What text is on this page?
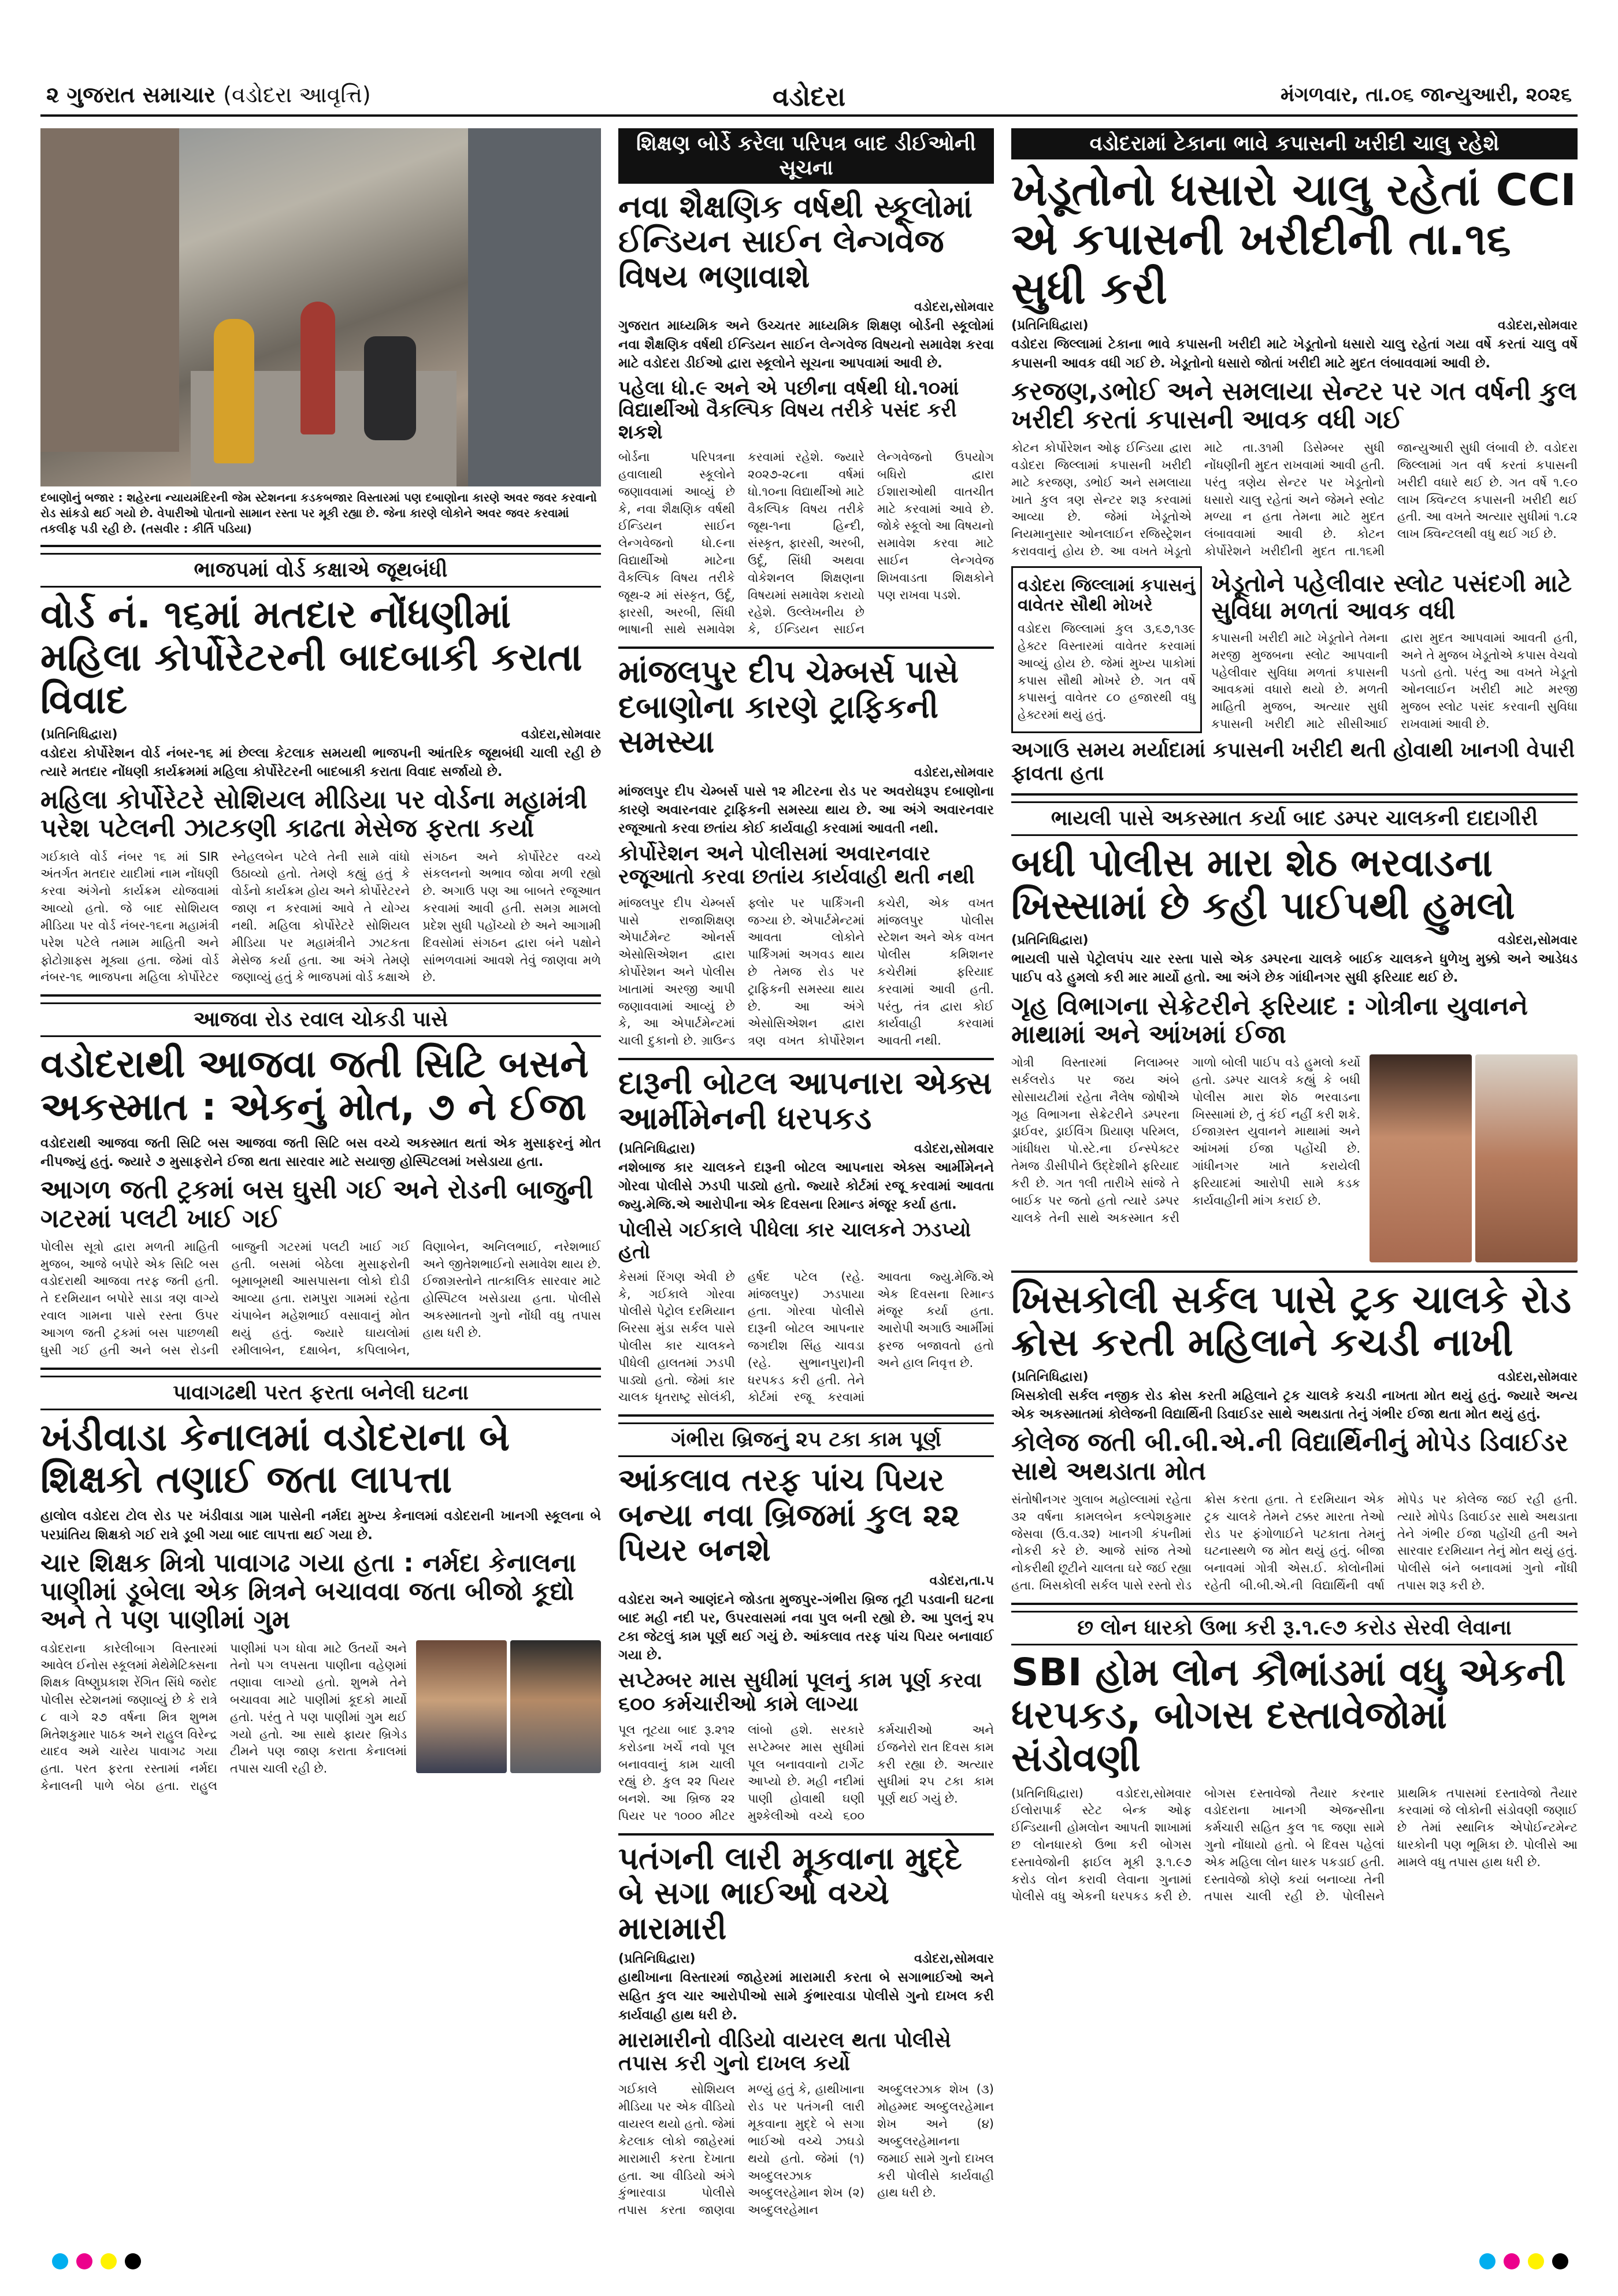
૨ ગુજરાત સમાચાર (વડોદરા આવૃત્તિ)	વડોદરા	મંગળવાર, તા.૦૬ જાન્યુઆરી, ૨૦૨૬
દબાણોનું બજાર : શહેરના ન્યાયમંદિરની જેમ સ્ટેશનના કડકબજાર વિસ્તારમાં પણ દબાણોના કારણે અવર જવર કરવાનો રોડ સાંકડો થઈ ગયો છે. વેપારીઓ પોતાનો સામાન રસ્તા પર મૂકી રહ્યા છે. જેના કારણે લોકોને અવર જવર કરવામાં તકલીફ પડી રહી છે. (તસવીર : કીર્તિ પડિયા)
ભાજપમાં વોર્ડ કક્ષાએ જૂથબંધી
વોર્ડ નં. ૧૬માં મતદાર નોંધણીમાં મહિલા કોર્પોરેટરની બાદબાકી કરાતા વિવાદ
(પ્રતિનિધિદ્વારા)	વડોદરા,સોમવાર
વડોદરા કોર્પોરેશન વોર્ડ નંબર-૧૬ માં છેલ્લા કેટલાક સમયથી ભાજપની આંતરિક જૂથબંધી ચાલી રહી છે ત્યારે મતદાર નોંધણી કાર્યક્રમમાં મહિલા કોર્પોરેટરની બાદબાકી કરાતા વિવાદ સર્જાયો છે.
મહિલા કોર્પોરેટરે સોશિયલ મીડિયા પર વોર્ડના મહામંત્રી પરેશ પટેલની ઝાટકણી કાઢતા મેસેજ ફરતા કર્યા
ગઈકાલે વોર્ડ નંબર ૧૬ માં SIR અંતર્ગત મતદાર યાદીમાં નામ નોંધણી કરવા અંગેનો કાર્યક્રમ યોજવામાં આવ્યો હતો. જે બાદ સોશિયલ મીડિયા પર વોર્ડ નંબર-૧૬ના મહામંત્રી પરેશ પટેલે તમામ માહિતી અને ફોટોગ્રાફ્સ મૂક્યા હતા. જેમાં વોર્ડ નંબર-૧૬ ભાજપના મહિલા કોર્પોરેટર સ્નેહલબેન પટેલે તેની સામે વાંધો ઉઠાવ્યો હતો. તેમણે કહ્યું હતું કે વોર્ડનો કાર્યક્રમ હોય અને કોર્પોરેટરને જાણ ન કરવામાં આવે તે યોગ્ય નથી. મહિલા કોર્પોરેટરે સોશિયલ મીડિયા પર મહામંત્રીને ઝાટકતા મેસેજ કર્યા હતા. આ અંગે તેમણે જણાવ્યું હતું કે ભાજપમાં વોર્ડ કક્ષાએ સંગઠન અને કોર્પોરેટર વચ્ચે સંકલનનો અભાવ જોવા મળી રહ્યો છે. અગાઉ પણ આ બાબતે રજૂઆત કરવામાં આવી હતી. સમગ્ર મામલો પ્રદેશ સુધી પહોંચ્યો છે અને આગામી દિવસોમાં સંગઠન દ્વારા બંને પક્ષોને સાંભળવામાં આવશે તેવું જાણવા મળે છે.
આજવા રોડ રવાલ ચોકડી પાસે
વડોદરાથી આજવા જતી સિટિ બસને અકસ્માત : એકનું મોત, ૭ ને ઈજા
વડોદરાથી આજવા જતી સિટિ બસ આજવા જતી સિટિ બસ વચ્ચે અકસ્માત થતાં એક મુસાફરનું મોત નીપજ્યું હતું. જ્યારે ૭ મુસાફરોને ઈજા થતા સારવાર માટે સયાજી હોસ્પિટલમાં ખસેડાયા હતા.
આગળ જતી ટ્રકમાં બસ ઘુસી ગઈ અને રોડની બાજુની ગટરમાં પલટી ખાઈ ગઈ
પોલીસ સૂત્રો દ્વારા મળતી માહિતી મુજબ, આજે બપોરે એક સિટિ બસ વડોદરાથી આજવા તરફ જતી હતી. તે દરમિયાન બપોરે સાડા ત્રણ વાગ્યે રવાલ ગામના પાસે રસ્તા ઉપર આગળ જતી ટ્રકમાં બસ પાછળથી ઘુસી ગઈ હતી અને બસ રોડની બાજુની ગટરમાં પલટી ખાઈ ગઈ હતી. બસમાં બેઠેલા મુસાફરોની બૂમાબૂમથી આસપાસના લોકો દોડી આવ્યા હતા. રામપુરા ગામમાં રહેતા ચંપાબેન મહેશભાઈ વસાવાનું મોત થયું હતું. જ્યારે ઘાયલોમાં રમીલાબેન, દક્ષાબેન, કપિલાબેન, વિણાબેન, અનિલભાઈ, નરેશભાઈ અને જીતેશભાઈનો સમાવેશ થાય છે. ઈજાગ્રસ્તોને તાત્કાલિક સારવાર માટે હોસ્પિટલ ખસેડાયા હતા. પોલીસે અકસ્માતનો ગુનો નોંધી વધુ તપાસ હાથ ધરી છે.
પાવાગઢથી પરત ફરતા બનેલી ઘટના
ખંડીવાડા કેનાલમાં વડોદરાના બે શિક્ષકો તણાઈ જતા લાપત્તા
હાલોલ વડોદરા ટોલ રોડ પર ખંડીવાડા ગામ પાસેની નર્મદા મુખ્ય કેનાલમાં વડોદરાની ખાનગી સ્કૂલના બે પરપ્રાંતિય શિક્ષકો ગઈ રાત્રે ડૂબી ગયા બાદ લાપત્તા થઈ ગયા છે.
ચાર શિક્ષક મિત્રો પાવાગઢ ગયા હતા : નર્મદા કેનાલના પાણીમાં ડૂબેલા એક મિત્રને બચાવવા જતા બીજો કૂદ્યો અને તે પણ પાણીમાં ગુમ
વડોદરાના કારેલીબાગ વિસ્તારમાં આવેલ ઈનોસ સ્કૂલમાં મેથેમેટિક્સના શિક્ષક વિષ્ણુપ્રકાશ રેંગિત સિંધે જરોદ પોલીસ સ્ટેશનમાં જણાવ્યું છે કે રાત્રે ૮ વાગે ૨૭ વર્ષના મિત્ર શુભમ મિતેશકુમાર પાઠક અને રાહુલ વિરેન્દ્ર યાદવ અમે ચારેય પાવાગઢ ગયા હતા. પરત ફરતા રસ્તામાં નર્મદા કેનાલની પાળે બેઠા હતા. રાહુલ પાણીમાં પગ ધોવા માટે ઉતર્યો અને તેનો પગ લપસતા પાણીના વહેણમાં તણાવા લાગ્યો હતો. શુભમે તેને બચાવવા માટે પાણીમાં કૂદકો માર્યો હતો. પરંતુ તે પણ પાણીમાં ગુમ થઈ ગયો હતો. આ સાથે ફાયર બ્રિગેડ ટીમને પણ જાણ કરાતા કેનાલમાં તપાસ ચાલી રહી છે.
શિક્ષણ બોર્ડે કરેલા પરિપત્ર બાદ ડીઈઓની સૂચના
નવા શૈક્ષણિક વર્ષથી સ્કૂલોમાં ઈન્ડિયન સાઈન લેન્ગવેજ વિષય ભણાવાશે
વડોદરા,સોમવાર
ગુજરાત માધ્યમિક અને ઉચ્ચતર માધ્યમિક શિક્ષણ બોર્ડની સ્કૂલોમાં નવા શૈક્ષણિક વર્ષથી ઈન્ડિયન સાઈન લેન્ગવેજ વિષયનો સમાવેશ કરવા માટે વડોદરા ડીઈઓ દ્વારા સ્કૂલોને સૂચના આપવામાં આવી છે.
પહેલા ધો.૯ અને એ પછીના વર્ષથી ધો.૧૦માં વિદ્યાર્થીઓ વૈકલ્પિક વિષય તરીકે પસંદ કરી શકશે
બોર્ડના પરિપત્રના હવાલાથી સ્કૂલોને જણાવવામાં આવ્યું છે કે, નવા શૈક્ષણિક વર્ષથી ઈન્ડિયન સાઈન લેન્ગવેજનો ધો.૯ના વિદ્યાર્થીઓ માટેના વૈકલ્પિક વિષય તરીકે જૂથ-૨ માં સંસ્કૃત, ઉર્દૂ, ફારસી, અરબી, સિંધી ભાષાની સાથે સમાવેશ કરવામાં રહેશે. જ્યારે ૨૦૨૭-૨૮ના વર્ષમાં ધો.૧૦ના વિદ્યાર્થીઓ માટે વૈકલ્પિક વિષય તરીકે જૂથ-૧ના હિન્દી, સંસ્કૃત, ફારસી, અરબી, ઉર્દૂ, સિંધી અથવા વોકેશનલ શિક્ષણના વિષયમાં સમાવેશ કરાયો રહેશે. ઉલ્લેખનીય છે કે, ઈન્ડિયન સાઈન લેન્ગવેજનો ઉપયોગ બધિરો દ્વારા ઈશારાઓથી વાતચીત માટે કરવામાં આવે છે. જોકે સ્કૂલો આ વિષયનો સમાવેશ કરવા માટે સાઈન લેન્ગવેજ શિખવાડતા શિક્ષકોને પણ રાખવા પડશે.
માંજલપુર દીપ ચેમ્બર્સ પાસે દબાણોના કારણે ટ્રાફિકની સમસ્યા
વડોદરા,સોમવાર
માંજલપુર દીપ ચેમ્બર્સ પાસે ૧૨ મીટરના રોડ પર અવરોધરૂપ દબાણોના કારણે અવારનવાર ટ્રાફિકની સમસ્યા થાય છે. આ અંગે અવારનવાર રજૂઆતો કરવા છતાંય કોઈ કાર્યવાહી કરવામાં આવતી નથી.
કોર્પોરેશન અને પોલીસમાં અવારનવાર રજૂઆતો કરવા છતાંય કાર્યવાહી થતી નથી
માંજલપુર દીપ ચેમ્બર્સ પાસે રાજાશિક્ષણ એપાર્ટમેન્ટ ઓનર્સ એસોસિએશન દ્વારા કોર્પોરેશન અને પોલીસ ખાતામાં અરજી આપી જણાવવામાં આવ્યું છે કે, આ એપાર્ટમેન્ટમાં ચાલી દુકાનો છે. ગ્રાઉન્ડ ફ્લોર પર પાર્કિંગની જગ્યા છે. એપાર્ટમેન્ટમાં આવતા લોકોને પાર્કિંગમાં અગવડ થાય છે તેમજ રોડ પર ટ્રાફિકની સમસ્યા થાય છે. આ અંગે એસોસિએશન દ્વારા ત્રણ વખત કોર્પોરેશન કચેરી, એક વખત માંજલપુર પોલીસ સ્ટેશન અને એક વખત પોલીસ કમિશનર કચેરીમાં ફરિયાદ કરવામાં આવી હતી. પરંતુ, તંત્ર દ્વારા કોઈ કાર્યવાહી કરવામાં આવતી નથી.
દારૂની બોટલ આપનારા એક્સ આર્મીમેનની ધરપકડ
(પ્રતિનિધિદ્વારા)	વડોદરા,સોમવાર
નશેબાજ કાર ચાલકને દારૂની બોટલ આપનારા એક્સ આર્મીમેનને ગોરવા પોલીસે ઝડપી પાડ્યો હતો. જ્યારે કોર્ટમાં રજૂ કરવામાં આવતા જ્યુ.મેજિ.એ આરોપીના એક દિવસના રિમાન્ડ મંજૂર કર્યા હતા.
પોલીસે ગઈકાલે પીધેલા કાર ચાલકને ઝડપ્યો હતો
કેસમાં રિંગણ એવી છે કે, ગઈકાલે ગોરવા પોલીસે પેટ્રોલ દરમિયાન બિરસા મુંડા સર્કલ પાસે પોલીસ કાર ચાલકને પીધેલી હાલતમાં ઝડપી પાડ્યો હતો. જેમાં કાર ચાલક ધૃતરાષ્ટ્ર સોલંકી, હર્ષદ પટેલ (રહે. માંજલપુર) ઝડપાયા હતા. ગોરવા પોલીસે દારૂની બોટલ આપનાર જગદીશ સિંહ ચાવડા (રહે. સુભાનપુરા)ની ધરપકડ કરી હતી. તેને કોર્ટમાં રજૂ કરવામાં આવતા જ્યુ.મેજિ.એ એક દિવસના રિમાન્ડ મંજૂર કર્યા હતા. આરોપી અગાઉ આર્મીમાં ફરજ બજાવતો હતો અને હાલ નિવૃત્ત છે.
ગંભીરા બ્રિજનું ૨૫ ટકા કામ પૂર્ણ
આંકલાવ તરફ પાંચ પિયર બન્યા નવા બ્રિજમાં કુલ ૨૨ પિયર બનશે
વડોદરા,તા.૫
વડોદરા અને આણંદને જોડતા મુજપુર-ગંભીરા બ્રિજ તૂટી પડવાની ઘટના બાદ મહી નદી પર, ઉપરવાસમાં નવા પુલ બની રહ્યો છે. આ પુલનું ૨૫ ટકા જેટલું કામ પૂર્ણ થઈ ગયું છે. આંકલાવ તરફ પાંચ પિયર બનાવાઈ ગયા છે.
સપ્ટેમ્બર માસ સુધીમાં પૂલનું કામ પૂર્ણ કરવા ૬૦૦ કર્મચારીઓ કામે લાગ્યા
પૂલ તૂટયા બાદ રૂ.૨૧૨ કરોડના ખર્ચે નવો પૂલ બનાવવાનું કામ ચાલી રહ્યું છે. કુલ ૨૨ પિયર બનશે. આ બ્રિજ ૨૨ પિયર પર ૧૦૦૦ મીટર લાંબો હશે. સરકારે સપ્ટેમ્બર માસ સુધીમાં પૂલ બનાવવાનો ટાર્ગેટ આપ્યો છે. મહી નદીમાં પાણી હોવાથી ઘણી મુશ્કેલીઓ વચ્ચે ૬૦૦ કર્મચારીઓ અને ઈજનેરો રાત દિવસ કામ કરી રહ્યા છે. અત્યાર સુધીમાં ૨૫ ટકા કામ પૂર્ણ થઈ ગયું છે.
પતંગની લારી મૂકવાના મુદ્દે બે સગા ભાઈઓ વચ્ચે મારામારી
(પ્રતિનિધિદ્વારા)	વડોદરા,સોમવાર
હાથીખાના વિસ્તારમાં જાહેરમાં મારામારી કરતા બે સગાભાઈઓ અને સહિત કુલ ચાર આરોપીઓ સામે કુંભારવાડા પોલીસે ગુનો દાખલ કરી કાર્યવાહી હાથ ધરી છે.
મારામારીનો વીડિયો વાયરલ થતા પોલીસે તપાસ કરી ગુનો દાખલ કર્યો
ગઈકાલે સોશિયલ મીડિયા પર એક વીડિયો વાયરલ થયો હતો. જેમાં કેટલાક લોકો જાહેરમાં મારામારી કરતા દેખાતા હતા. આ વીડિયો અંગે કુંભારવાડા પોલીસે તપાસ કરતા જાણવા મળ્યું હતું કે, હાથીખાના રોડ પર પતંગની લારી મૂકવાના મુદ્દે બે સગા ભાઈઓ વચ્ચે ઝઘડો થયો હતો. જેમાં (૧) અબ્દુલરઝાક અબ્દુલરહેમાન શેખ (૨) અબ્દુલરહેમાન અબ્દુલરઝાક શેખ (૩) મોહમ્મદ અબ્દુલરહેમાન શેખ અને (૪) અબ્દુલરહેમાનના જમાઈ સામે ગુનો દાખલ કરી પોલીસે કાર્યવાહી હાથ ધરી છે.
વડોદરામાં ટેકાના ભાવે કપાસની ખરીદી ચાલુ રહેશે
ખેડૂતોનો ધસારો ચાલુ રહેતાં CCI એ કપાસની ખરીદીની તા.૧૬ સુધી કરી
(પ્રતિનિધિદ્વારા)	વડોદરા,સોમવાર
વડોદરા જિલ્લામાં ટેકાના ભાવે કપાસની ખરીદી માટે ખેડૂતોનો ધસારો ચાલુ રહેતાં ગયા વર્ષે કરતાં ચાલુ વર્ષે કપાસની આવક વધી ગઈ છે. ખેડૂતોનો ધસારો જોતાં ખરીદી માટે મુદત લંબાવવામાં આવી છે.
કરજણ,ડભોઈ અને સમલાયા સેન્ટર પર ગત વર્ષની કુલ ખરીદી કરતાં કપાસની આવક વધી ગઈ
કોટન કોર્પોરેશન ઓફ ઈન્ડિયા દ્વારા વડોદરા જિલ્લામાં કપાસની ખરીદી માટે કરજણ, ડભોઈ અને સમલાયા ખાતે કુલ ત્રણ સેન્ટર શરૂ કરવામાં આવ્યા છે. જેમાં ખેડૂતોએ નિયમાનુસાર ઓનલાઈન રજિસ્ટ્રેશન કરાવવાનું હોય છે. આ વખતે ખેડૂતો માટે તા.૩૧મી ડિસેમ્બર સુધી નોંધણીની મુદત રાખવામાં આવી હતી. પરંતુ ત્રણેય સેન્ટર પર ખેડૂતોનો ધસારો ચાલુ રહેતાં અને જેમને સ્લોટ મળ્યા ન હતા તેમના માટે મુદત લંબાવવામાં આવી છે. કોટન કોર્પોરેશને ખરીદીની મુદત તા.૧૬મી જાન્યુઆરી સુધી લંબાવી છે. વડોદરા જિલ્લામાં ગત વર્ષ કરતાં કપાસની ખરીદી વધારે થઈ છે. ગત વર્ષે ૧.૯૦ લાખ ક્વિન્ટલ કપાસની ખરીદી થઈ હતી. આ વખતે અત્યાર સુધીમાં ૧.૮૨ લાખ ક્વિન્ટલથી વધુ થઈ ગઈ છે.
વડોદરા જિલ્લામાં કપાસનું વાવેતર સૌથી મોખરે
વડોદરા જિલ્લામાં કુલ ૩,૬૭,૧૩૯ હેક્ટર વિસ્તારમાં વાવેતર કરવામાં આવ્યું હોય છે. જેમાં મુખ્ય પાકોમાં કપાસ સૌથી મોખરે છે. ગત વર્ષે કપાસનું વાવેતર ૮૦ હજારથી વધુ હેક્ટરમાં થયું હતું.
ખેડૂતોને પહેલીવાર સ્લોટ પસંદગી માટે સુવિધા મળતાં આવક વધી
કપાસની ખરીદી માટે ખેડૂતોને તેમના મરજી મુજબના સ્લોટ આપવાની પહેલીવાર સુવિધા મળતાં કપાસની આવકમાં વધારો થયો છે. મળતી માહિતી મુજબ, અત્યાર સુધી કપાસની ખરીદી માટે સીસીઆઈ દ્વારા મુદત આપવામાં આવતી હતી, અને તે મુજબ ખેડૂતોએ કપાસ વેચવો પડતો હતો. પરંતુ આ વખતે ખેડૂતો ઓનલાઈન ખરીદી માટે મરજી મુજબ સ્લોટ પસંદ કરવાની સુવિધા રાખવામાં આવી છે.
અગાઉ સમય મર્યાદામાં કપાસની ખરીદી થતી હોવાથી ખાનગી વેપારી ફાવતા હતા
ભાયલી પાસે અકસ્માત કર્યા બાદ ડમ્પર ચાલકની દાદાગીરી
બધી પોલીસ મારા શેઠ ભરવાડના ખિસ્સામાં છે કહી પાઈપથી હુમલો
(પ્રતિનિધિદ્વારા)	વડોદરા,સોમવાર
ભાયલી પાસે પેટ્રોલપંપ ચાર રસ્તા પાસે એક ડમ્પરના ચાલકે બાઈક ચાલકને ધુળેખુ મુક્કો અને આડેધડ પાઈપ વડે હુમલો કરી માર માર્યો હતો. આ અંગે છેક ગાંધીનગર સુધી ફરિયાદ થઈ છે.
ગૃહ વિભાગના સેક્રેટરીને ફરિયાદ : ગોત્રીના યુવાનને માથામાં અને આંખમાં ઈજા
ગોત્રી વિસ્તારમાં નિલામ્બર સર્કલરોડ પર જય અંબે સોસાયટીમાં રહેતા નૈલેષ જોષીએ ગૃહ વિભાગના સેક્રેટરીને ડમ્પરના ડ્રાઈવર, ડ્રાઈવિંગ પ્રિયાણ પરિમલ, ગાંધીધરા પો.સ્ટે.ના ઈન્સ્પેક્ટર તેમજ ડીસીપીને ઉદ્દેશીને ફરિયાદ કરી છે. ગત ૧લી તારીખે સાંજે તે બાઈક પર જતો હતો ત્યારે ડમ્પર ચાલકે તેની સાથે અકસ્માત કરી ગાળો બોલી પાઈપ વડે હુમલો કર્યો હતો. ડમ્પર ચાલકે કહ્યું કે બધી પોલીસ મારા શેઠ ભરવાડના ખિસ્સામાં છે, તું કંઈ નહીં કરી શકે. ઈજાગ્રસ્ત યુવાનને માથામાં અને આંખમાં ઈજા પહોંચી છે. ગાંધીનગર ખાતે કરાયેલી ફરિયાદમાં આરોપી સામે કડક કાર્યવાહીની માંગ કરાઈ છે.
ખિસકોલી સર્કલ પાસે ટ્રક ચાલકે રોડ ક્રોસ કરતી મહિલાને કચડી નાખી
(પ્રતિનિધિદ્વારા)	વડોદરા,સોમવાર
ખિસકોલી સર્કલ નજીક રોડ ક્રોસ કરતી મહિલાને ટ્રક ચાલકે કચડી નાખતા મોત થયું હતું. જ્યારે અન્ય એક અકસ્માતમાં કોલેજની વિદ્યાર્થિની ડિવાઈડર સાથે અથડાતા તેનું ગંભીર ઈજા થતા મોત થયું હતું.
કોલેજ જતી બી.બી.એ.ની વિદ્યાર્થિનીનું મોપેડ ડિવાઈડર સાથે અથડાતા મોત
સંતોષીનગર ગુલાબ મહોલ્લામાં રહેતા ૩૨ વર્ષના કામલબેન કલ્પેશકુમાર જેસવા (ઉ.વ.૩૨) ખાનગી કંપનીમાં નોકરી કરે છે. આજે સાંજ તેઓ નોકરીથી છૂટીને ચાલતા ઘરે જઈ રહ્યા હતા. ખિસકોલી સર્કલ પાસે રસ્તો રોડ ક્રોસ કરતા હતા. તે દરમિયાન એક ટ્રક ચાલકે તેમને ટક્કર મારતા તેઓ રોડ પર ફંગોળાઈને પટકાતા તેમનું ઘટનાસ્થળે જ મોત થયું હતું. બીજા બનાવમાં ગોત્રી એસ.ઈ. કોલોનીમાં રહેતી બી.બી.એ.ની વિદ્યાર્થિની વર્ષા મોપેડ પર કોલેજ જઈ રહી હતી. ત્યારે મોપેડ ડિવાઈડર સાથે અથડાતા તેને ગંભીર ઈજા પહોંચી હતી અને સારવાર દરમિયાન તેનું મોત થયું હતું. પોલીસે બંને બનાવમાં ગુનો નોંધી તપાસ શરૂ કરી છે.
છ લોન ધારકો ઉભા કરી રૂ.૧.૯૭ કરોડ સેરવી લેવાના
SBI હોમ લોન કૌભાંડમાં વધુ એકની ધરપકડ, બોગસ દસ્તાવેજોમાં સંડોવણી
(પ્રતિનિધિદ્વારા) વડોદરા,સોમવાર ઈલોરાપાર્ક સ્ટેટ બેન્ક ઓફ ઈન્ડિયાની હોમલોન આપતી શાખામાં છ લોનધારકો ઉભા કરી બોગસ દસ્તાવેજોની ફાઈલ મૂકી રૂ.૧.૯૭ કરોડ લોન કરાવી લેવાના ગુનામાં પોલીસે વધુ એકની ધરપકડ કરી છે. બોગસ દસ્તાવેજો તૈયાર કરનાર વડોદરાના ખાનગી એજન્સીના કર્મચારી સહિત કુલ ૧૬ જણા સામે ગુનો નોંધાયો હતો. બે દિવસ પહેલાં એક મહિલા લોન ધારક પકડાઈ હતી. દસ્તાવેજો કોણે કયાં બનાવ્યા તેની તપાસ ચાલી રહી છે. પોલીસને પ્રાથમિક તપાસમાં દસ્તાવેજો તૈયાર કરવામાં જે લોકોની સંડોવણી જણાઈ છે તેમાં સ્થાનિક એપોઈન્ટમેન્ટ ધારકોની પણ ભૂમિકા છે. પોલીસે આ મામલે વધુ તપાસ હાથ ધરી છે.
